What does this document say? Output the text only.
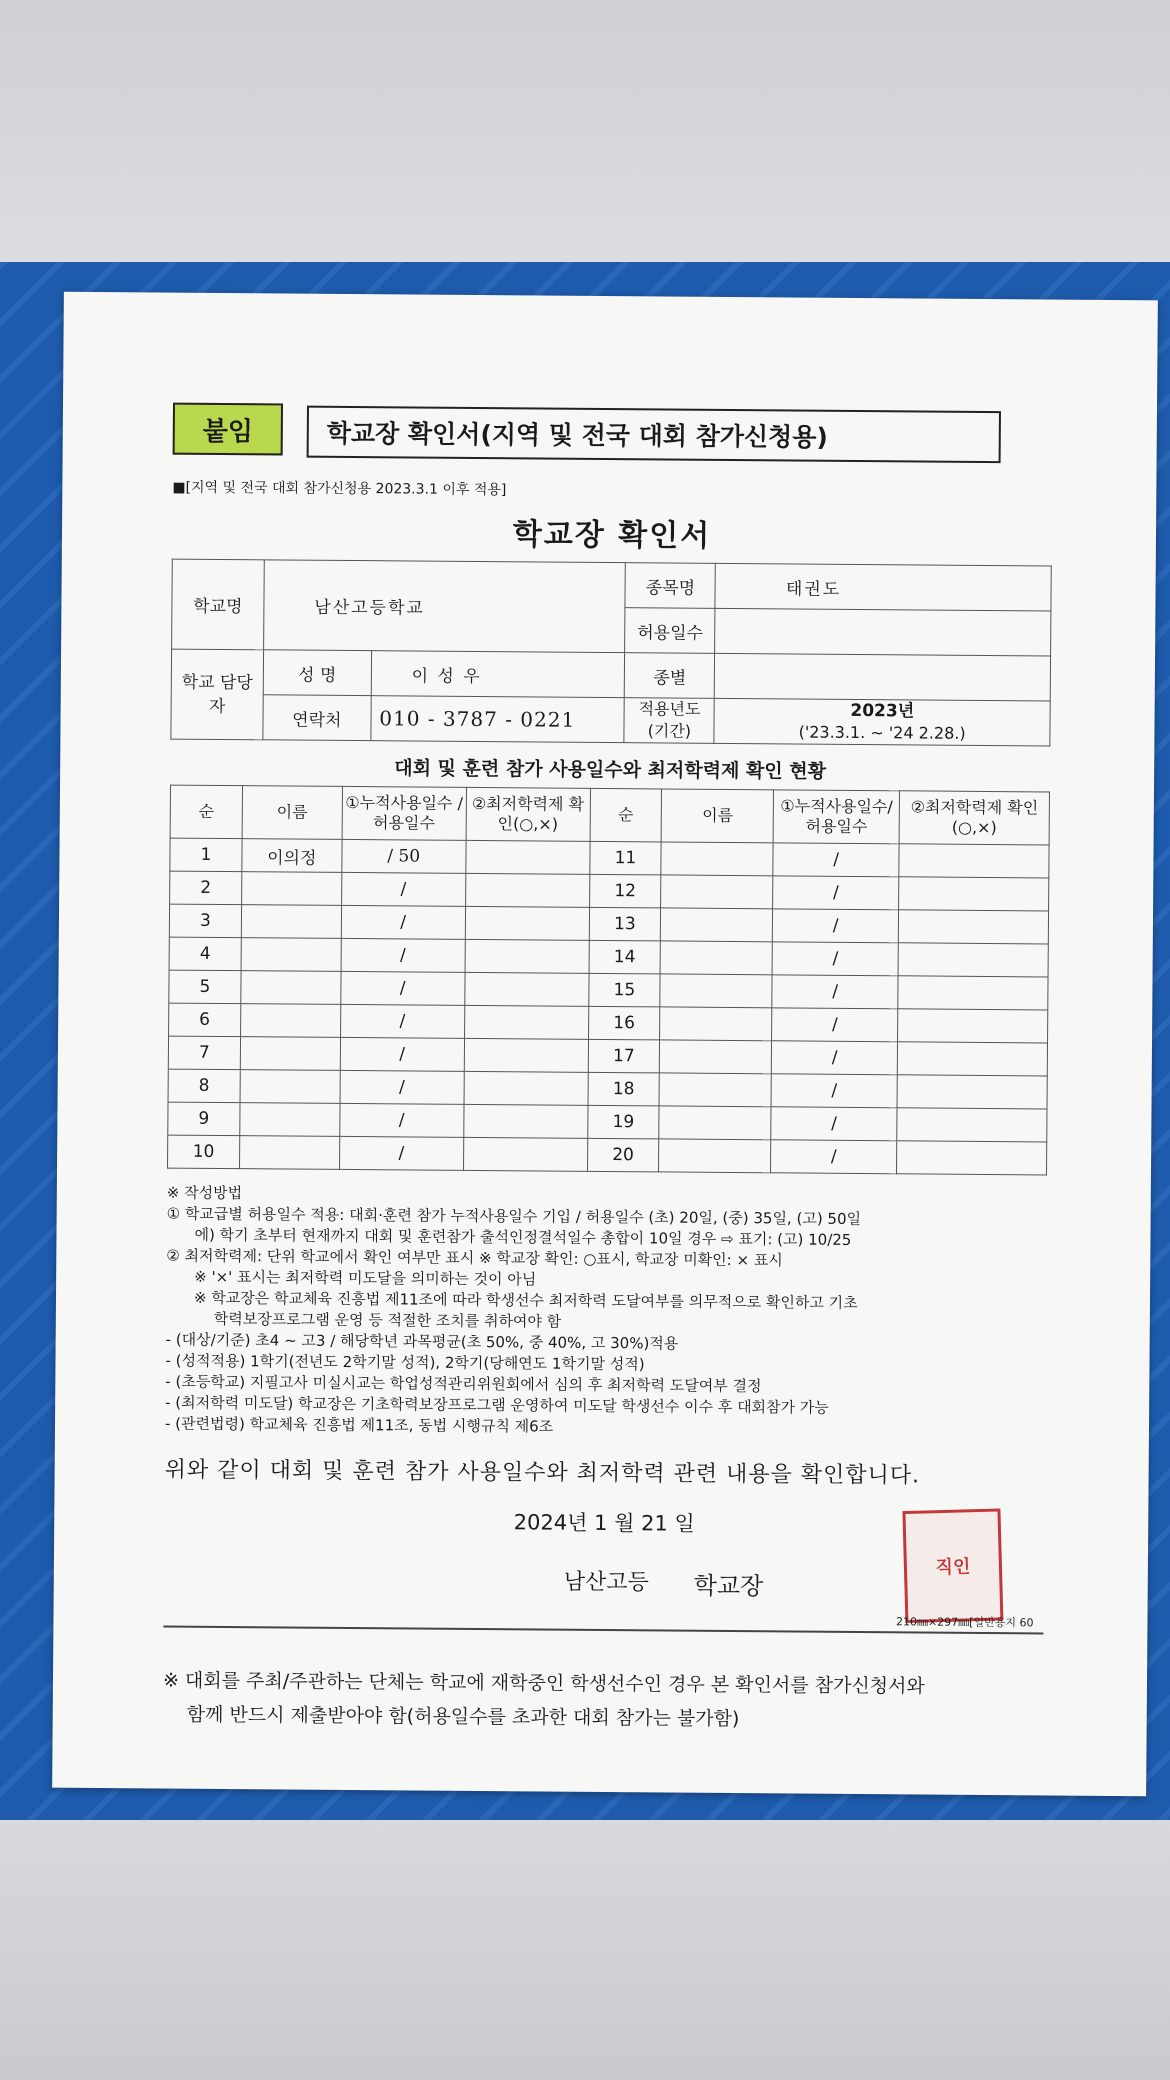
붙임	학교장 확인서(지역 및 전국 대회 참가신청용)
■[지역 및 전국 대회 참가신청용 2023.3.1 이후 적용]
학교장 확인서
학교명	남산고등학교		종목명	태권도
			허용일수	
학교 담당자	성 명	이 성 우	종별	
	연락처	010 - 3787 - 0221	적용년도 (기간)	2023년
('23.3.1. ~ '24 2.28.)
대회 및 훈련 참가 사용일수와 최저학력제 확인 현황
순	이름	①누적사용일수 /허용일수	②최저학력제 확인(○,×)	순	이름	①누적사용일수/ 허용일수	②최저학력제 확인(○,×)
1	이의정	/ 50		11		/	
2		/		12		/	
3		/		13		/	
4		/		14		/	
5		/		15		/	
6		/		16		/	
7		/		17		/	
8		/		18		/	
9		/		19		/	
10		/		20		/	
※ 작성방법
① 학교급별 허용일수 적용: 대회·훈련 참가 누적사용일수 기입 / 허용일수 (초) 20일, (중) 35일, (고) 50일
에) 학기 초부터 현재까지 대회 및 훈련참가 출석인정결석일수 총합이 10일 경우 ⇨ 표기: (고) 10/25
② 최저학력제: 단위 학교에서 확인 여부만 표시 ※ 학교장 확인: ○표시, 학교장 미확인: × 표시
※ '×' 표시는 최저학력 미도달을 의미하는 것이 아님
※ 학교장은 학교체육 진흥법 제11조에 따라 학생선수 최저학력 도달여부를 의무적으로 확인하고 기초
학력보장프로그램 운영 등 적절한 조치를 취하여야 함
- (대상/기준) 초4 ~ 고3 / 해당학년 과목평균(초 50%, 중 40%, 고 30%)적용
- (성적적용) 1학기(전년도 2학기말 성적), 2학기(당해연도 1학기말 성적)
- (초등학교) 지필고사 미실시교는 학업성적관리위원회에서 심의 후 최저학력 도달여부 결정
- (최저학력 미도달) 학교장은 기초학력보장프로그램 운영하여 미도달 학생선수 이수 후 대회참가 가능
- (관련법령) 학교체육 진흥법 제11조, 동법 시행규칙 제6조
위와 같이 대회 및 훈련 참가 사용일수와 최저학력 관련 내용을 확인합니다.
2024년 1 월 21 일
남산고등 학교장
직인
210㎜×297㎜[일반용지 60
※ 대회를 주최/주관하는 단체는 학교에 재학중인 학생선수인 경우 본 확인서를 참가신청서와
함께 반드시 제출받아야 함(허용일수를 초과한 대회 참가는 불가함)
